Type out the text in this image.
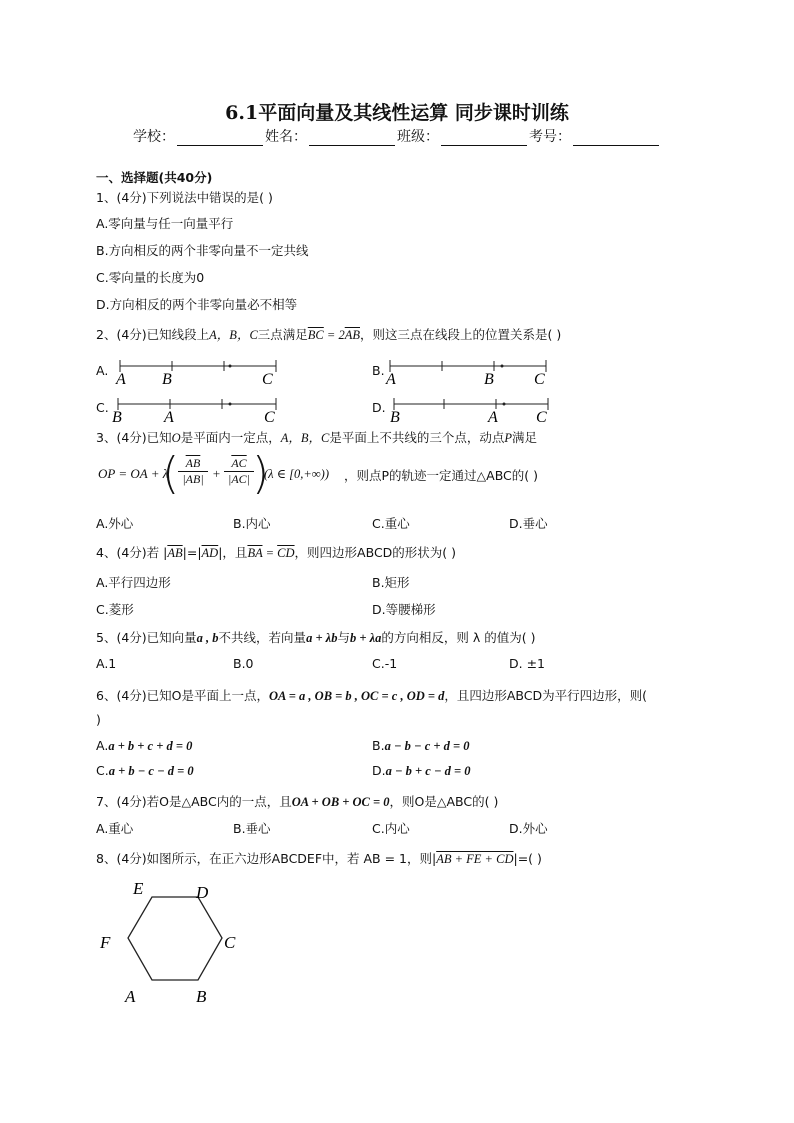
6.1平面向量及其线性运算 同步课时训练
学校：	姓名：	班级：	考号：
一、选择题(共40分)
1、(4分)下列说法中错误的是( )
A.零向量与任一向量平行
B.方向相反的两个非零向量不一定共线
C.零向量的长度为0
D.方向相反的两个非零向量必不相等
2、(4分)已知线段上A，B，C三点满足$\overline{BC} = 2\overline{AB}$，则这三点在线段上的位置关系是( )
A.
A B	C
B.
A	B	C
C.
B	A	C
D.
B	A C
3、(4分)已知O是平面内一定点，A，B，C是平面上不共线的三个点，动点P满足
OP = OA + λ
( $\overline{AB}$
|AB| +
$\overline{AC}$
|AC| )
(λ ∈ [0,+∞)) ，则点P的轨迹一定通过△ABC的( )
A.外心	B.内心	C.重心	D.垂心
4、(4分)若 $|\overline{AB}|=|\overline{AD}|$，且$\overline{BA} = \overline{CD}$，则四边形ABCD的形状为( )
A.平行四边形	B.矩形
C.菱形	D.等腰梯形
5、(4分)已知向量a , b不共线，若向量a + λb与b + λa的方向相反，则 λ 的值为( )
A.1	B.0	C.-1	D. ±1
6、(4分)已知O是平面上一点，OA = a , OB = b , OC = c , OD = d，且四边形ABCD为平行四边形，则(
)
A.a + b + c + d = 0	B.a − b − c + d = 0
C.a + b − c − d = 0	D.a − b + c − d = 0
7、(4分)若O是△ABC内的一点，且OA + OB + OC = 0，则O是△ABC的( )
A.重心	B.垂心	C.内心	D.外心
8、(4分)如图所示，在正六边形ABCDEF中，若 AB = 1，则|AB + FE + CD|=( )
E	D
F	C
A	B
